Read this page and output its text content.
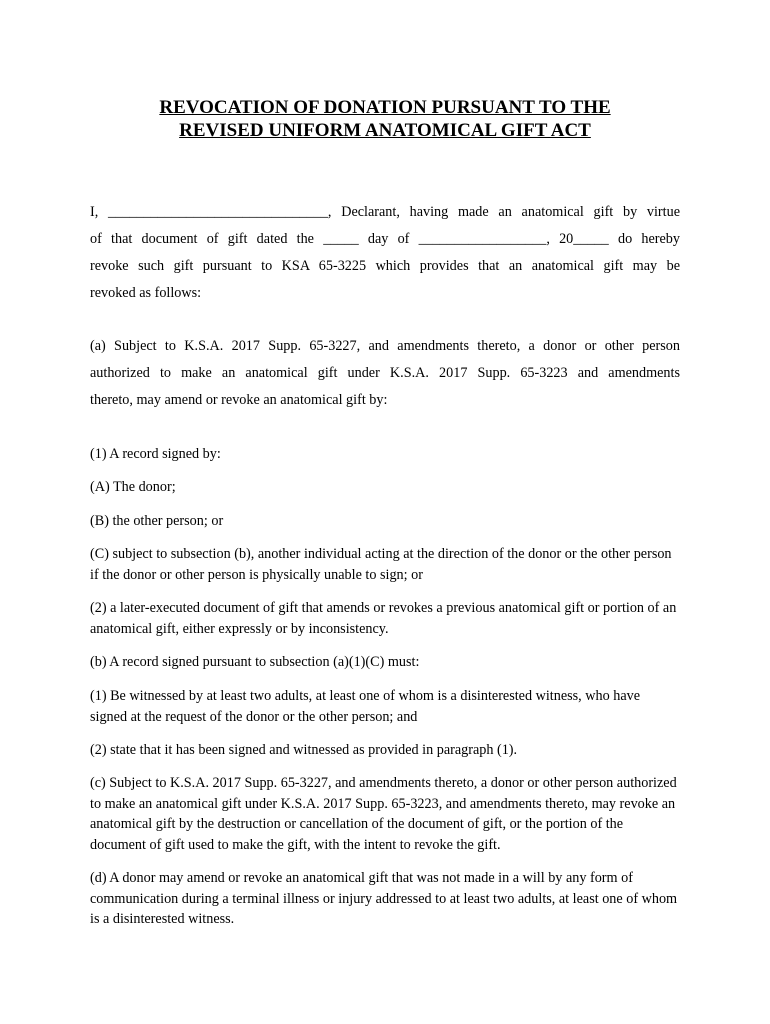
REVOCATION OF DONATION PURSUANT TO THE
REVISED UNIFORM ANATOMICAL GIFT ACT
I, _______________________________, Declarant, having made an anatomical gift by virtue
of that document of gift dated the _____ day of __________________, 20_____ do hereby
revoke such gift pursuant to KSA 65-3225 which provides that an anatomical gift may be
revoked as follows:
(a) Subject to K.S.A. 2017 Supp. 65-3227, and amendments thereto, a donor or other person
authorized to make an anatomical gift under K.S.A. 2017 Supp. 65-3223 and amendments
thereto, may amend or revoke an anatomical gift by:
(1) A record signed by:
(A) The donor;
(B) the other person; or
(C) subject to subsection (b), another individual acting at the direction of the donor or the other person if the donor or other person is physically unable to sign; or
(2) a later-executed document of gift that amends or revokes a previous anatomical gift or portion of an anatomical gift, either expressly or by inconsistency.
(b) A record signed pursuant to subsection (a)(1)(C) must:
(1) Be witnessed by at least two adults, at least one of whom is a disinterested witness, who have signed at the request of the donor or the other person; and
(2) state that it has been signed and witnessed as provided in paragraph (1).
(c) Subject to K.S.A. 2017 Supp. 65-3227, and amendments thereto, a donor or other person authorized to make an anatomical gift under K.S.A. 2017 Supp. 65-3223, and amendments thereto, may revoke an anatomical gift by the destruction or cancellation of the document of gift, or the portion of the document of gift used to make the gift, with the intent to revoke the gift.
(d) A donor may amend or revoke an anatomical gift that was not made in a will by any form of communication during a terminal illness or injury addressed to at least two adults, at least one of whom is a disinterested witness.
